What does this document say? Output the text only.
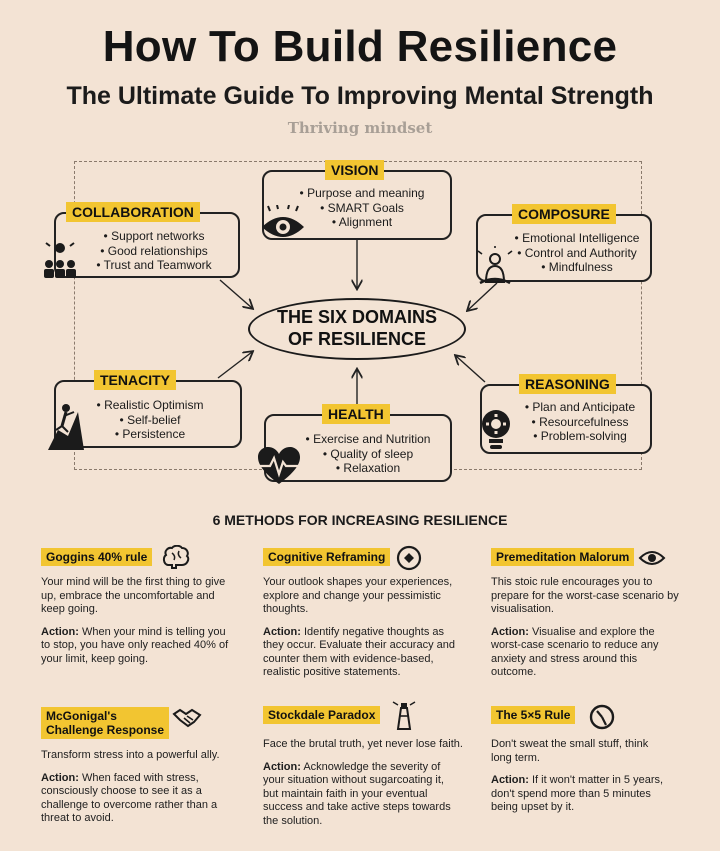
How To Build Resilience
The Ultimate Guide To Improving Mental Strength
Thriving mindset
VISION
• Purpose and meaning
• SMART Goals
• Alignment
COLLABORATION
• Support networks
• Good relationships
• Trust and Teamwork
COMPOSURE
• Emotional Intelligence
• Control and Authority
• Mindfulness
THE SIX DOMAINS
OF RESILIENCE
TENACITY
• Realistic Optimism
• Self-belief
• Persistence
HEALTH
• Exercise and Nutrition
• Quality of sleep
• Relaxation
REASONING
• Plan and Anticipate
• Resourcefulness
• Problem-solving
6 METHODS FOR INCREASING RESILIENCE
Goggins 40% rule
Your mind will be the first thing to give up, embrace the uncomfortable and keep going.
Action: When your mind is telling you to stop, you have only reached 40% of your limit, keep going.
Cognitive Reframing
Your outlook shapes your experiences, explore and change your pessimistic thoughts.
Action: Identify negative thoughts as they occur. Evaluate their accuracy and counter them with evidence-based, realistic positive statements.
Premeditation Malorum
This stoic rule encourages you to prepare for the worst-case scenario by visualisation.
Action: Visualise and explore the worst-case scenario to reduce any anxiety and stress around this outcome.
McGonigal's
Challenge Response
Transform stress into a powerful ally.
Action: When faced with stress, consciously choose to see it as a challenge to overcome rather than a threat to avoid.
Stockdale Paradox
Face the brutal truth, yet never lose faith.
Action: Acknowledge the severity of your situation without sugarcoating it, but maintain faith in your eventual success and take active steps towards the solution.
The 5×5 Rule
Don't sweat the small stuff, think long term.
Action: If it won't matter in 5 years, don't spend more than 5 minutes being upset by it.
